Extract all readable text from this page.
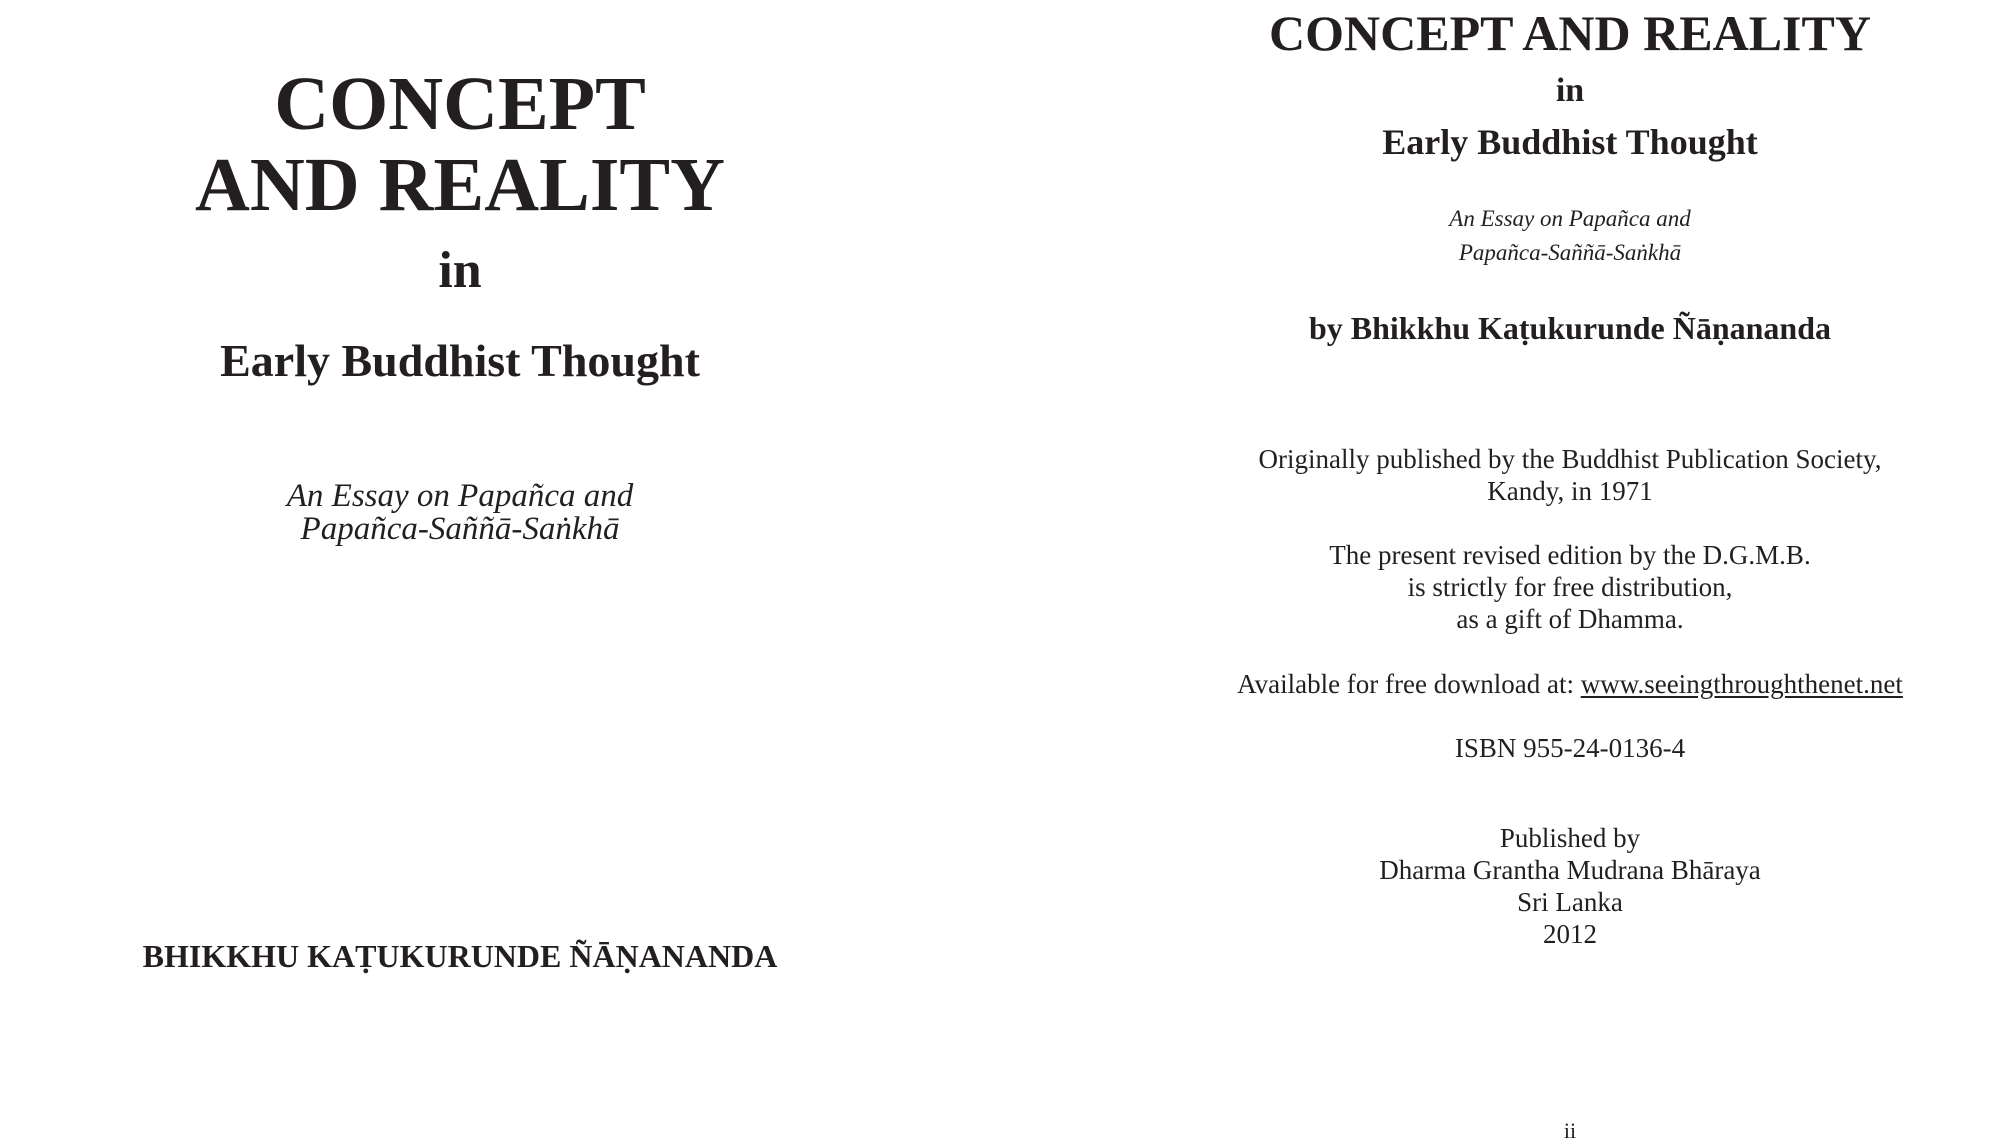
CONCEPT
AND REALITY
in
Early Buddhist Thought
An Essay on Papañca and
Papañca-Saññā-Saṅkhā
BHIKKHU KAṬUKURUNDE ÑĀṆANANDA
CONCEPT AND REALITY
in
Early Buddhist Thought
An Essay on Papañca and
Papañca-Saññā-Saṅkhā
by Bhikkhu Kaṭukurunde Ñāṇananda
Originally published by the Buddhist Publication Society,
Kandy, in 1971
The present revised edition by the D.G.M.B.
is strictly for free distribution,
as a gift of Dhamma.
Available for free download at: www.seeingthroughthenet.net
ISBN 955-24-0136-4
Published by
Dharma Grantha Mudrana Bhāraya
Sri Lanka
2012
ii
